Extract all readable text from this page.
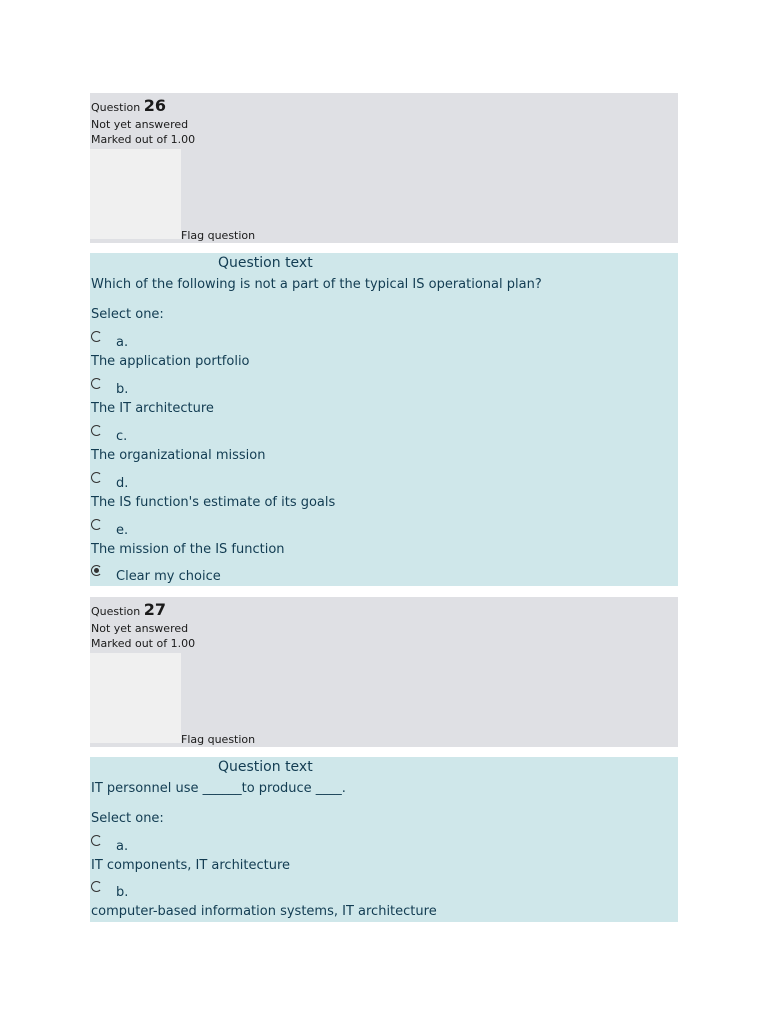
Question 26
Not yet answered
Marked out of 1.00
Flag question
Question text
Which of the following is not a part of the typical IS operational plan?
Select one:
a.
The application portfolio
b.
The IT architecture
c.
The organizational mission
d.
The IS function's estimate of its goals
e.
The mission of the IS function
Clear my choice
Question 27
Not yet answered
Marked out of 1.00
Flag question
Question text
IT personnel use ______to produce ____.
Select one:
a.
IT components, IT architecture
b.
computer-based information systems, IT architecture
